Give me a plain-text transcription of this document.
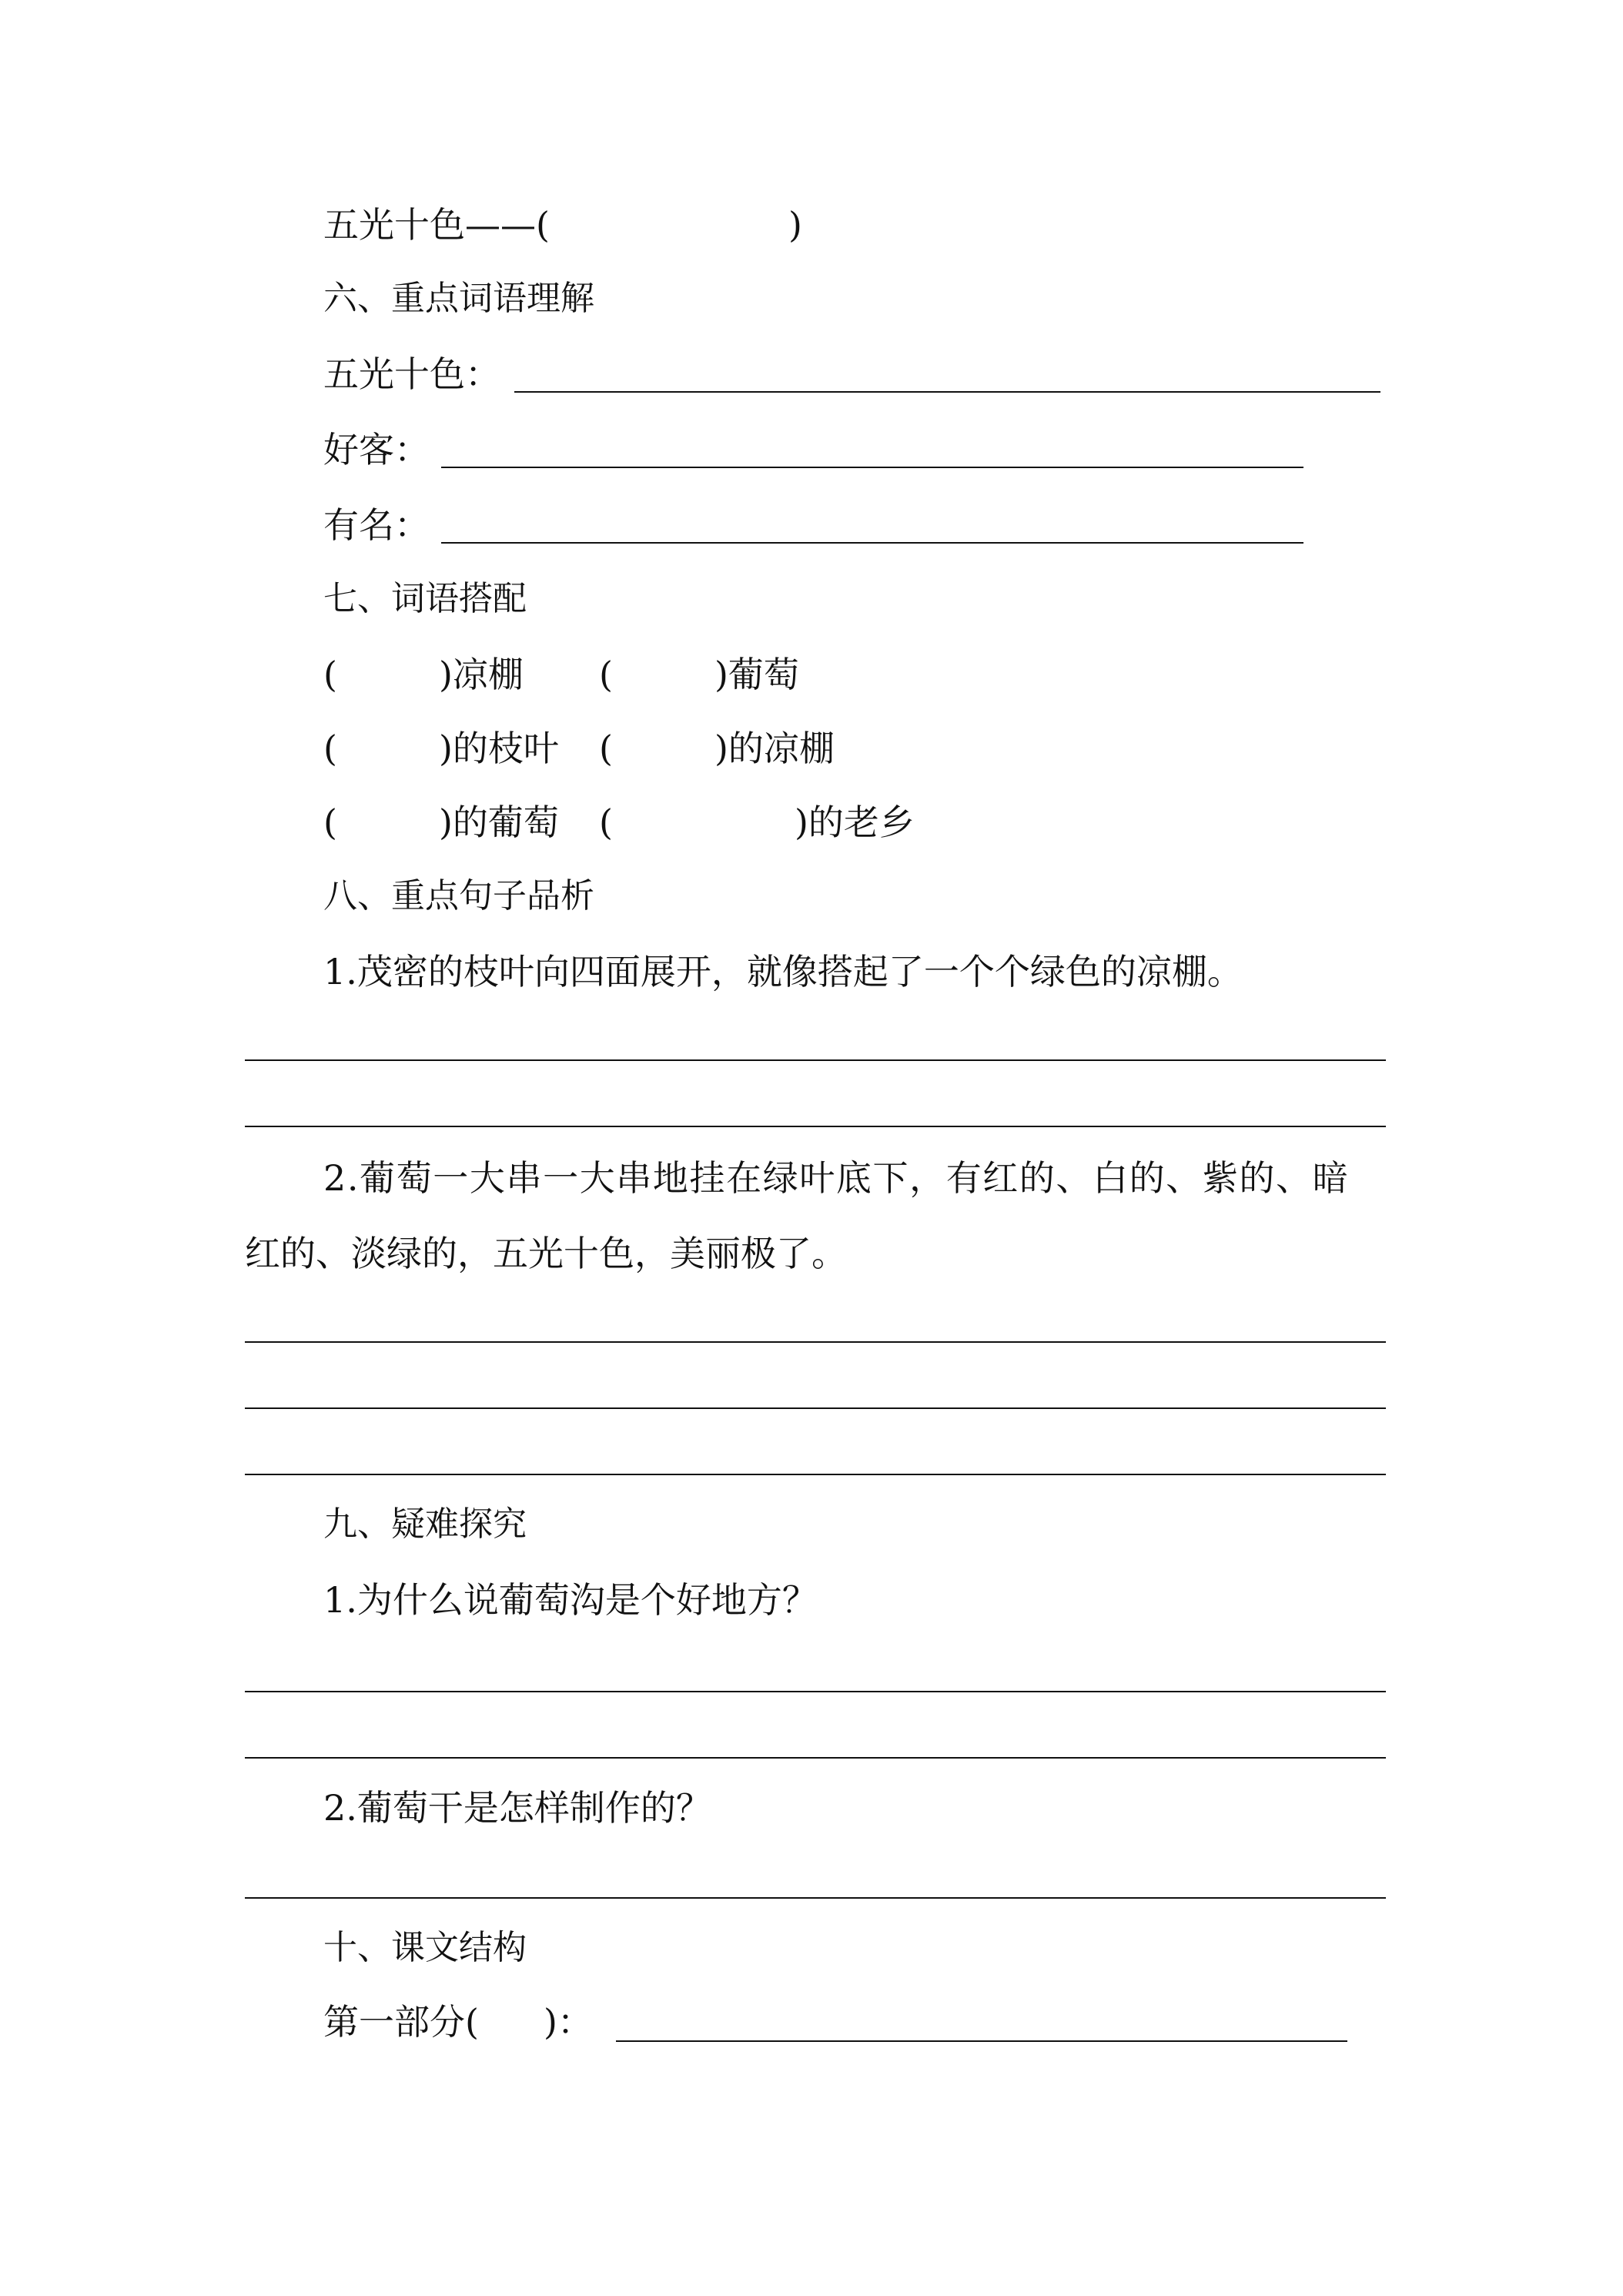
五光十色——(	)
六、重点词语理解
五光十色：
好客：
有名：
七、词语搭配
(	)凉棚 (	)葡萄
(	)的枝叶 (	)的凉棚
(	)的葡萄 (	)的老乡
八、重点句子品析
1.茂密的枝叶向四面展开，就像搭起了一个个绿色的凉棚。
2.葡萄一大串一大串地挂在绿叶底下，有红的、白的、紫的、暗
红的、淡绿的，五光十色，美丽极了。
九、疑难探究
1.为什么说葡萄沟是个好地方？
2.葡萄干是怎样制作的？
十、课文结构
第一部分( )：
